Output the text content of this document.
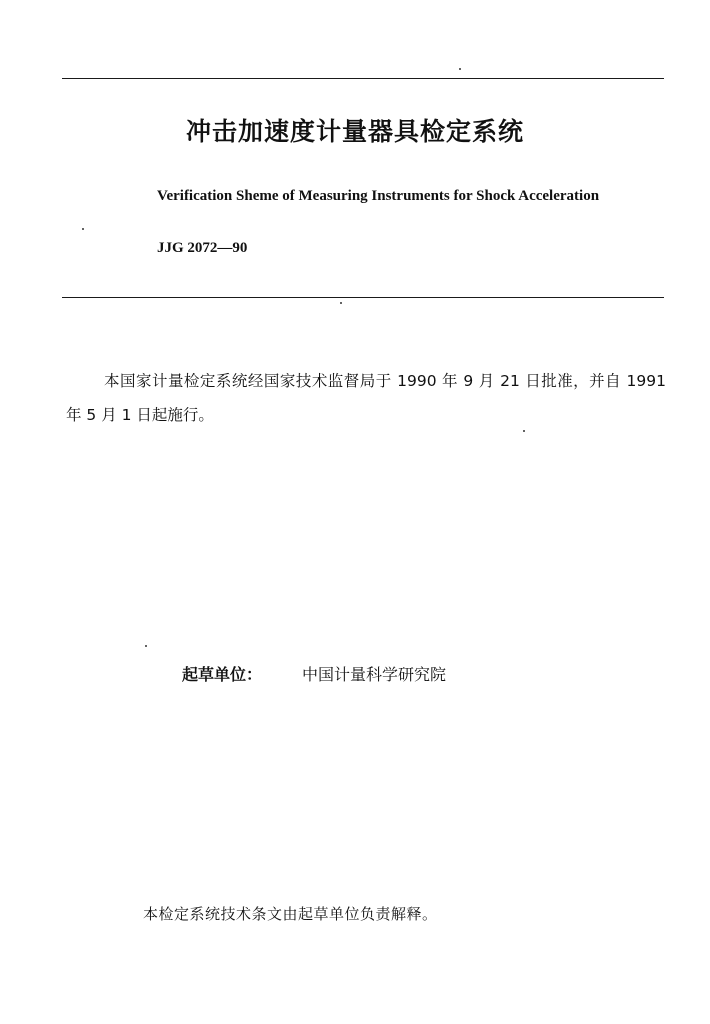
冲击加速度计量器具检定系统

Verification Sheme of Measuring Instruments for Shock Acceleration

JJG 2072—90

本国家计量检定系统经国家技术监督局于 1990 年 9 月 21 日批准，并自 1991 年 5 月 1 日起施行。

起草单位： 中国计量科学研究院
本检定系统技术条文由起草单位负责解释。
